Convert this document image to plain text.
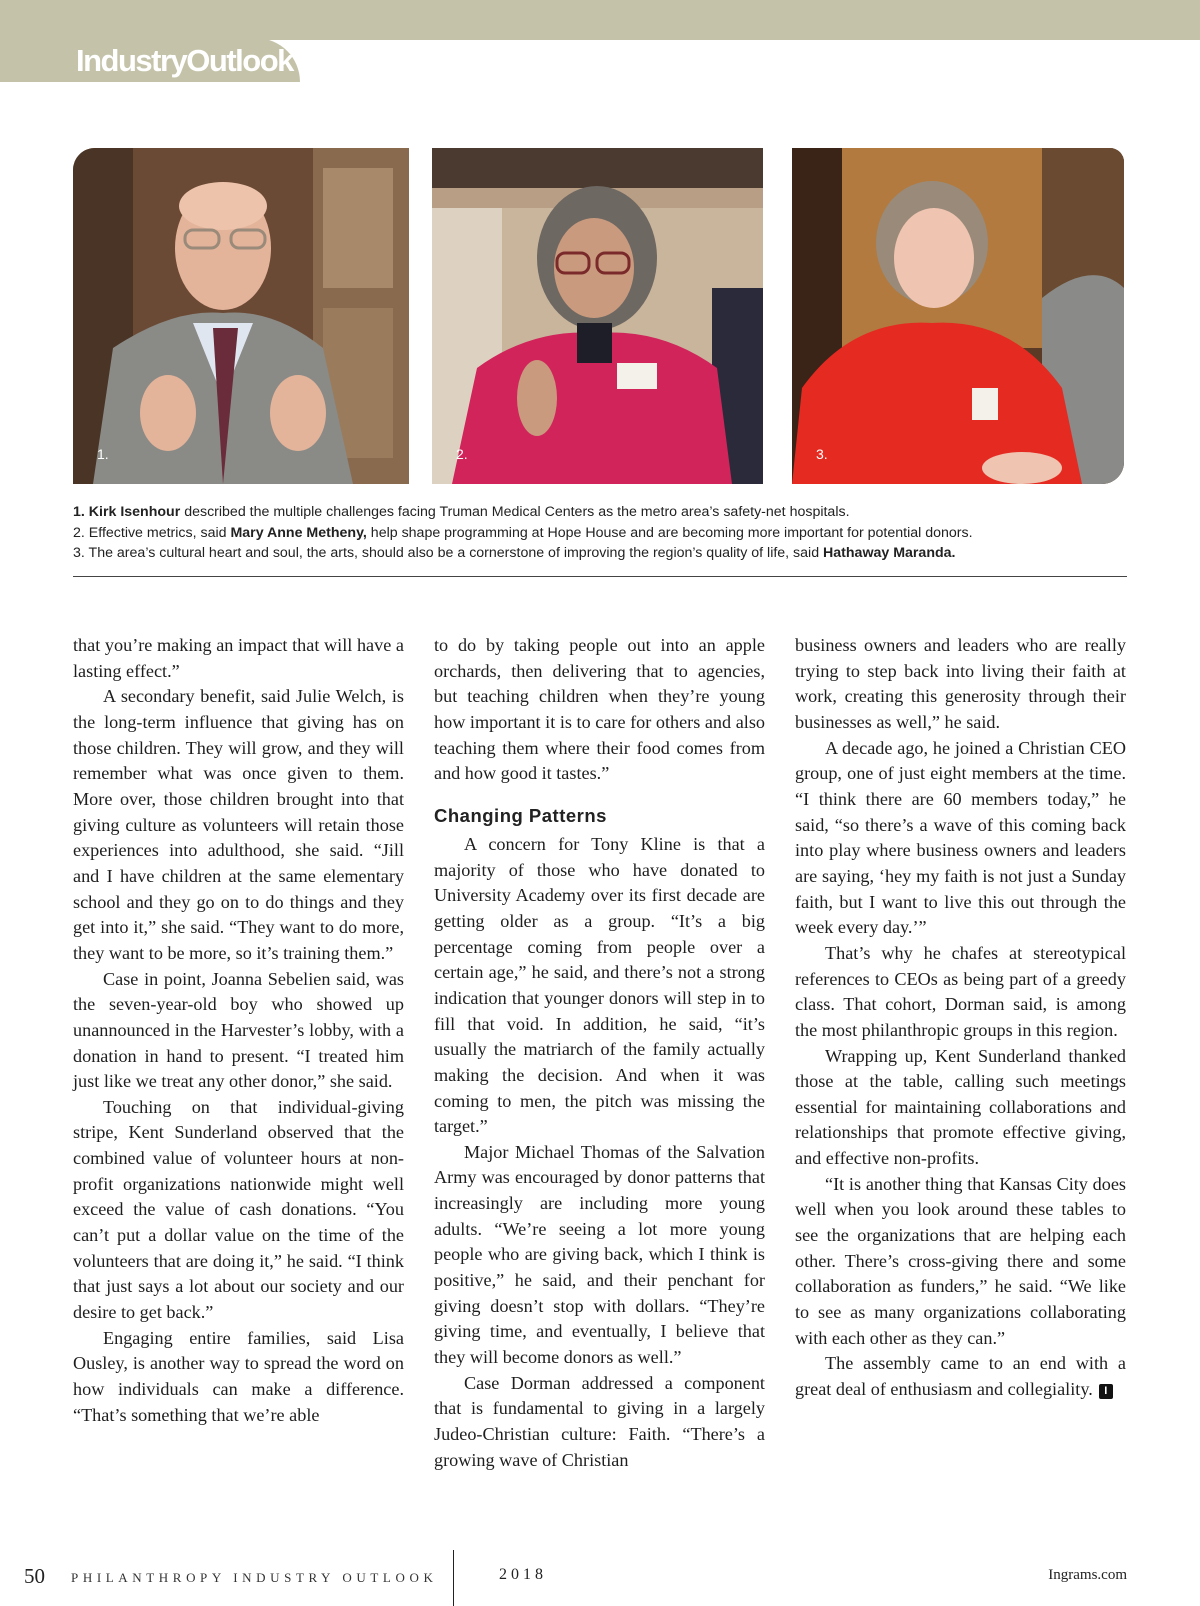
IndustryOutlook
1.	2.	3.
1. Kirk Isenhour described the multiple challenges facing Truman Medical Centers as the metro area’s safety-net hospitals.
2. Effective metrics, said Mary Anne Metheny, help shape programming at Hope House and are becoming more important for potential donors.
3. The area’s cultural heart and soul, the arts, should also be a cornerstone of improving the region’s quality of life, said Hathaway Maranda.

that you’re making an impact that will have a lasting effect.”

A secondary benefit, said Julie Welch, is the long-term influence that giving has on those children. They will grow, and they will remember what was once given to them. More over, those children brought into that giving culture as volunteers will retain those experiences into adulthood, she said. “Jill and I have children at the same elementary school and they go on to do things and they get into it,” she said. “They want to do more, they want to be more, so it’s training them.”

Case in point, Joanna Sebelien said, was the seven-year-old boy who showed up unannounced in the Harvester’s lobby, with a donation in hand to present. “I treated him just like we treat any other donor,” she said.

Touching on that individual-giving stripe, Kent Sunderland observed that the combined value of volunteer hours at non-profit organizations nationwide might well exceed the value of cash donations. “You can’t put a dollar value on the time of the volunteers that are doing it,” he said. “I think that just says a lot about our society and our desire to get back.”

Engaging entire families, said Lisa Ousley, is another way to spread the word on how individuals can make a difference. “That’s something that we’re able

to do by taking people out into an apple orchards, then delivering that to agencies, but teaching children when they’re young how important it is to care for others and also teaching them where their food comes from and how good it tastes.”

Changing Patterns

A concern for Tony Kline is that a majority of those who have donated to University Academy over its first decade are getting older as a group. “It’s a big percentage coming from people over a certain age,” he said, and there’s not a strong indication that younger donors will step in to fill that void. In addition, he said, “it’s usually the matriarch of the family actually making the decision. And when it was coming to men, the pitch was missing the target.”

Major Michael Thomas of the Salvation Army was encouraged by donor patterns that increasingly are including more young adults. “We’re seeing a lot more young people who are giving back, which I think is positive,” he said, and their penchant for giving doesn’t stop with dollars. “They’re giving time, and eventually, I believe that they will become donors as well.”

Case Dorman addressed a component that is fundamental to giving in a largely Judeo-Christian culture: Faith. “There’s a growing wave of Christian

business owners and leaders who are really trying to step back into living their faith at work, creating this generosity through their businesses as well,” he said.

A decade ago, he joined a Christian CEO group, one of just eight members at the time. “I think there are 60 members today,” he said, “so there’s a wave of this coming back into play where business owners and leaders are saying, ‘hey my faith is not just a Sunday faith, but I want to live this out through the week every day.’”

That’s why he chafes at stereotypical references to CEOs as being part of a greedy class. That cohort, Dorman said, is among the most philanthropic groups in this region.

Wrapping up, Kent Sunderland thanked those at the table, calling such meetings essential for maintaining collaborations and relationships that promote effective giving, and effective non-profits.

“It is another thing that Kansas City does well when you look around these tables to see the organizations that are helping each other. There’s cross-giving there and some collaboration as funders,” he said. “We like to see as many organizations collaborating with each other as they can.”

The assembly came to an end with a great deal of enthusiasm and collegiality. I

50 PHILANTHROPY INDUSTRY OUTLOOK	2018	Ingrams.com
